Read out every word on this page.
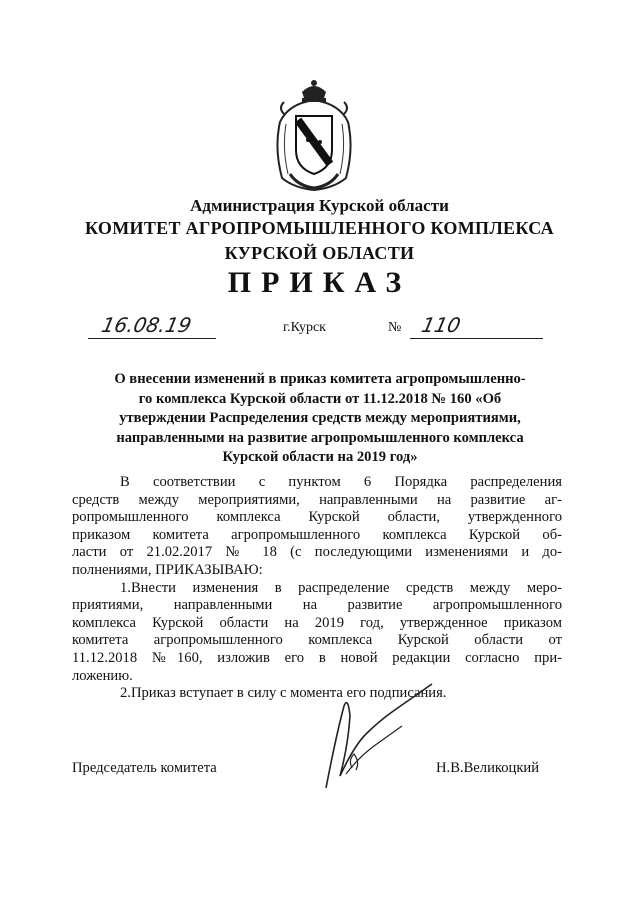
Администрация Курской области
КОМИТЕТ АГРОПРОМЫШЛЕННОГО КОМПЛЕКСА
КУРСКОЙ ОБЛАСТИ
ПРИКАЗ
16.08.19	г.Курск	№ 110
О внесении изменений в приказ комитета агропромышленно-
го комплекса Курской области от 11.12.2018 № 160 «Об
утверждении Распределения средств между мероприятиями,
направленными на развитие агропромышленного комплекса
Курской области на 2019 год»
В соответствии с пунктом 6 Порядка распределения
средств между мероприятиями, направленными на развитие аг-
ропромышленного комплекса Курской области, утвержденного
приказом комитета агропромышленного комплекса Курской об-
ласти от 21.02.2017 № 18 (с последующими изменениями и до-
полнениями, ПРИКАЗЫВАЮ:
1.Внести изменения в распределение средств между меро-
приятиями, направленными на развитие агропромышленного
комплекса Курской области на 2019 год, утвержденное приказом
комитета агропромышленного комплекса Курской области от
11.12.2018 №160, изложив его в новой редакции согласно при-
ложению.
2.Приказ вступает в силу с момента его подписания.
Председатель комитета	Н.В.Великоцкий
